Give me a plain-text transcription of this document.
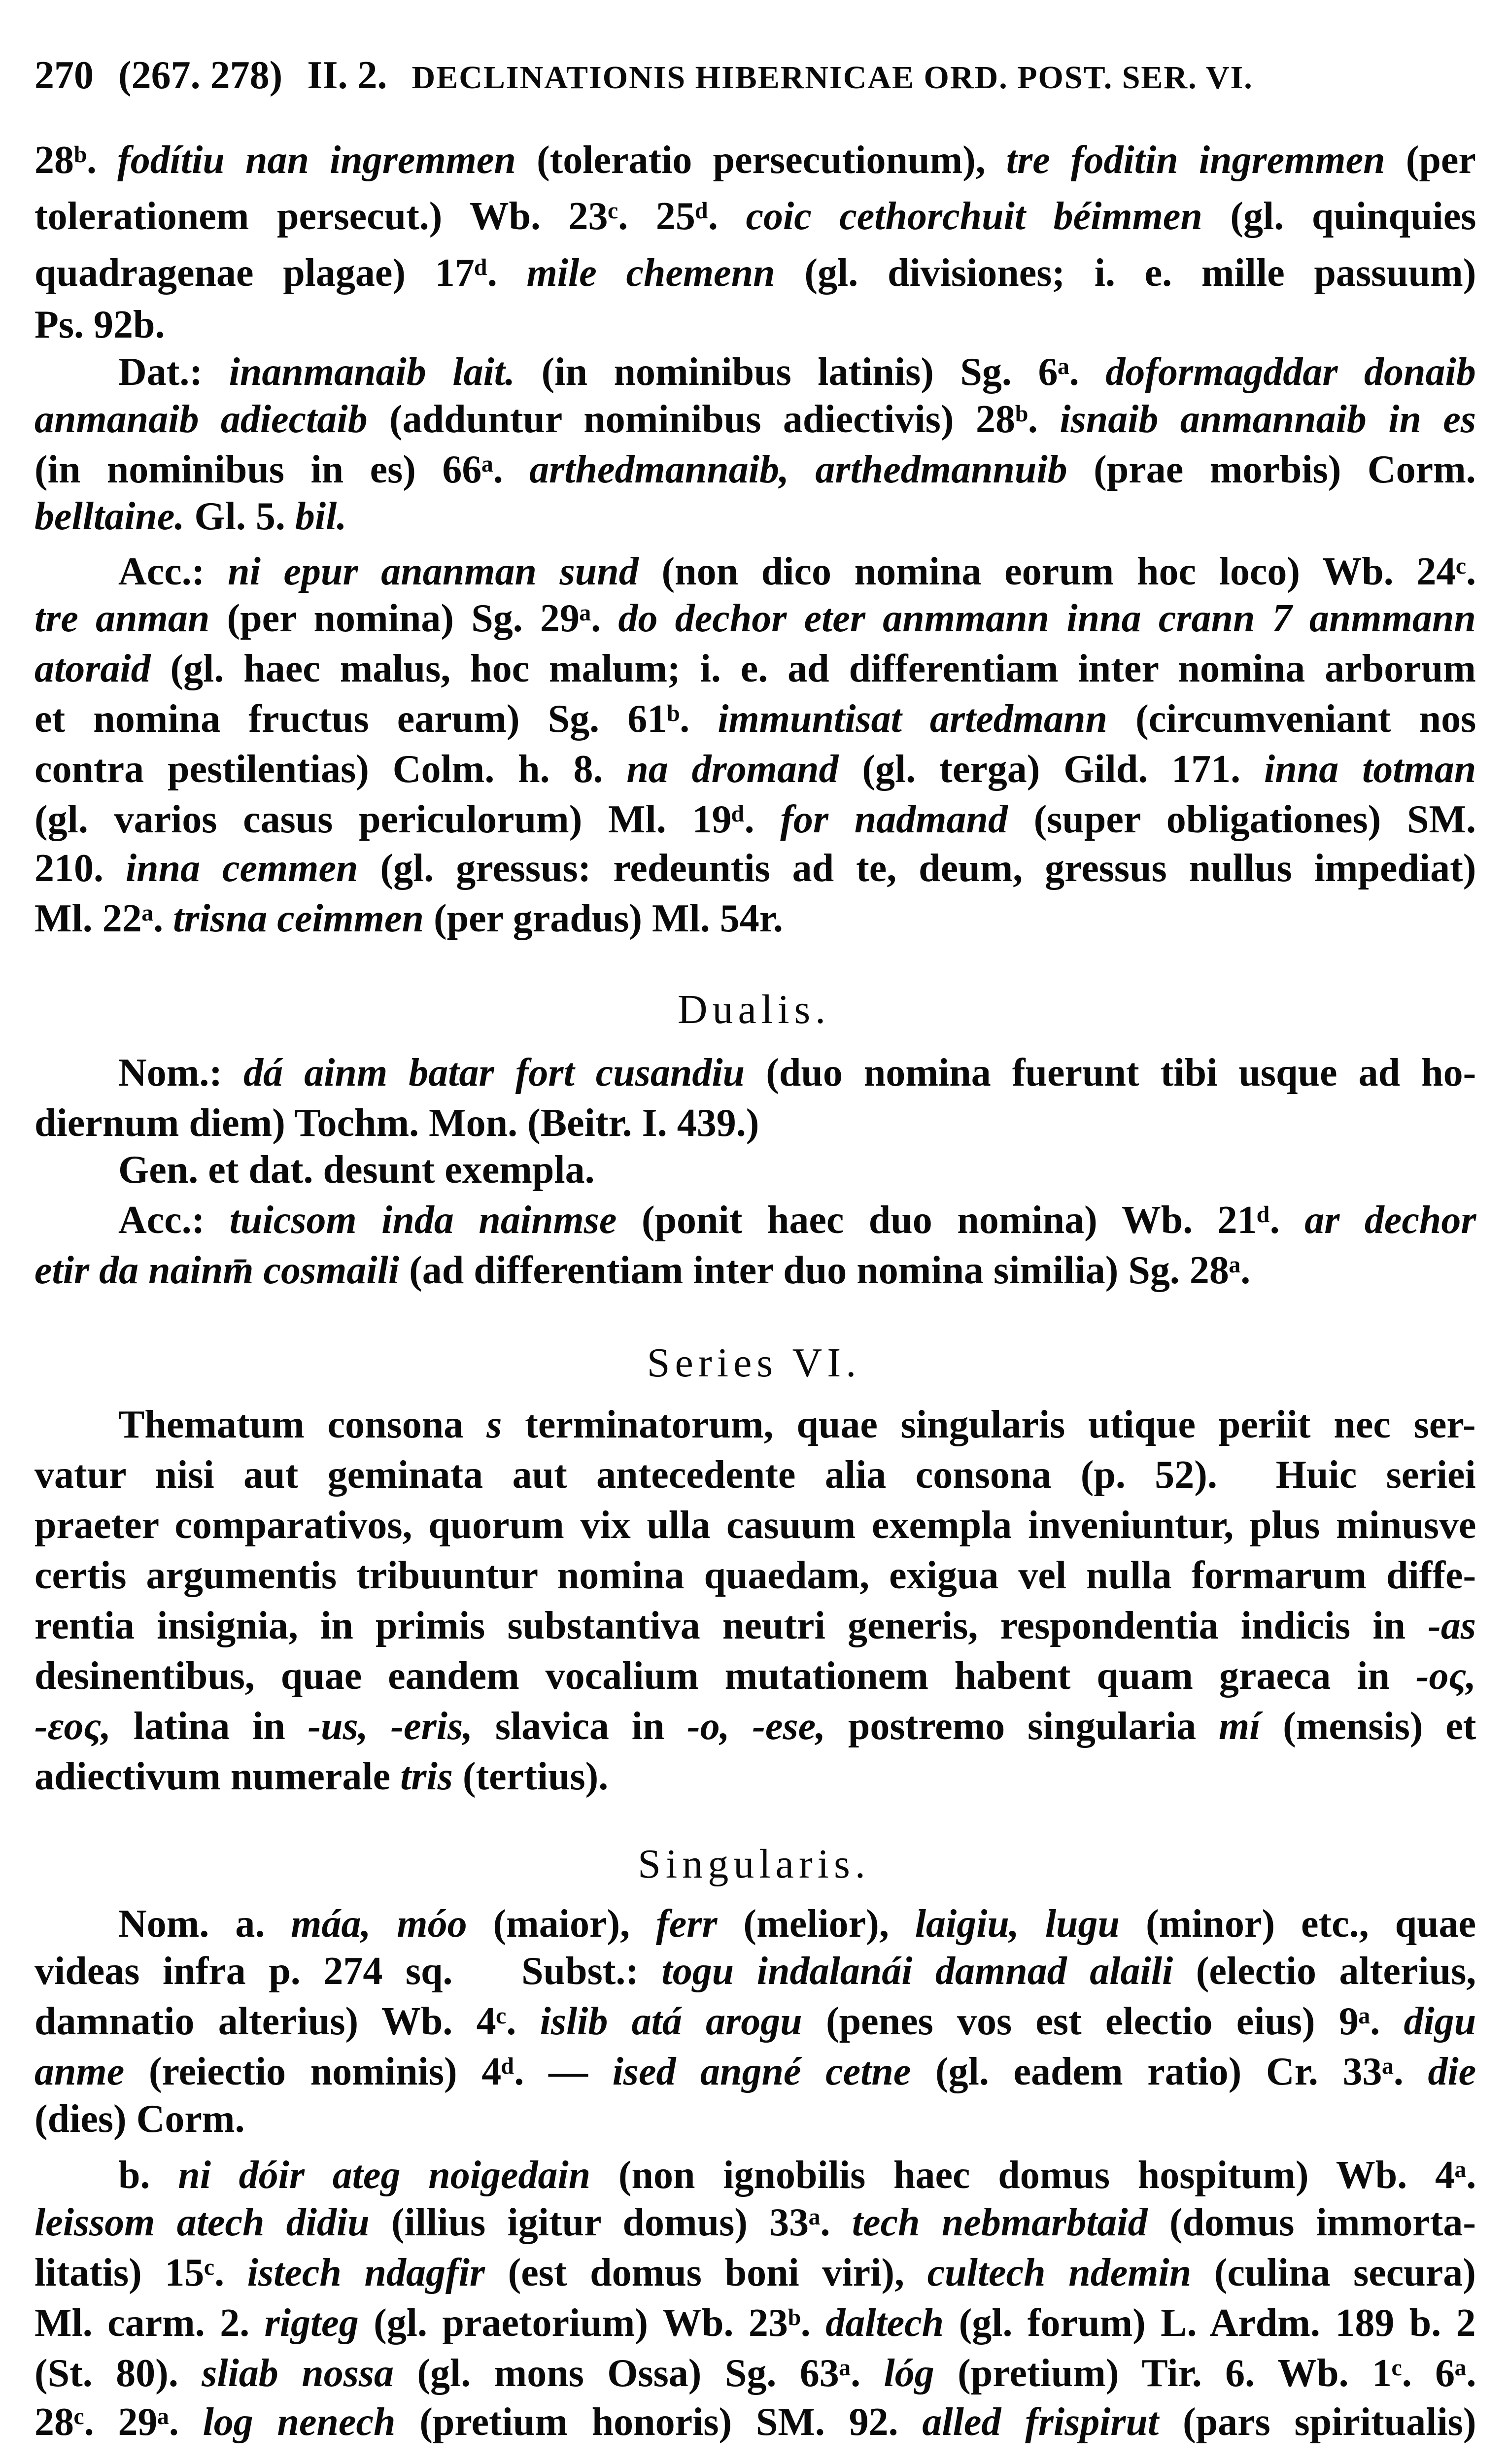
270 (267. 278) II. 2. DECLINATIONIS HIBERNICAE ORD. POST. SER. VI.
28ᵇ. fodítiu nan ingremmen (toleratio persecutionum), tre foditin ingremmen (per
tolerationem persecut.) Wb. 23ᶜ. 25ᵈ. coic cethorchuit béimmen (gl. quinquies
quadragenae plagae) 17ᵈ. mile chemenn (gl. divisiones; i. e. mille passuum)
Ps. 92b.
Dat.: inanmanaib lait. (in nominibus latinis) Sg. 6ᵃ. doformagddar donaib
anmanaib adiectaib (adduntur nominibus adiectivis) 28ᵇ. isnaib anmannaib in es
(in nominibus in es) 66ᵃ. arthedmannaib, arthedmannuib (prae morbis) Corm.
belltaine. Gl. 5. bil.
Acc.: ni epur ananman sund (non dico nomina eorum hoc loco) Wb. 24ᶜ.
tre anman (per nomina) Sg. 29ᵃ. do dechor eter anmmann inna crann 7 anmmann
atoraid (gl. haec malus, hoc malum; i. e. ad differentiam inter nomina arborum
et nomina fructus earum) Sg. 61ᵇ. immuntisat artedmann (circumveniant nos
contra pestilentias) Colm. h. 8. na dromand (gl. terga) Gild. 171. inna totman
(gl. varios casus periculorum) Ml. 19ᵈ. for nadmand (super obligationes) SM.
210. inna cemmen (gl. gressus: redeuntis ad te, deum, gressus nullus impediat)
Ml. 22ᵃ. trisna ceimmen (per gradus) Ml. 54r.
Dualis.
Nom.: dá ainm batar fort cusandiu (duo nomina fuerunt tibi usque ad ho-
diernum diem) Tochm. Mon. (Beitr. I. 439.)
Gen. et dat. desunt exempla.
Acc.: tuicsom inda nainmse (ponit haec duo nomina) Wb. 21ᵈ. ar dechor
etir da nainm̄ cosmaili (ad differentiam inter duo nomina similia) Sg. 28ᵃ.
Series VI.
Thematum consona s terminatorum, quae singularis utique periit nec ser-
vatur nisi aut geminata aut antecedente alia consona (p. 52).  Huic seriei
praeter comparativos, quorum vix ulla casuum exempla inveniuntur, plus minusve
certis argumentis tribuuntur nomina quaedam, exigua vel nulla formarum diffe-
rentia insignia, in primis substantiva neutri generis, respondentia indicis in -as
desinentibus, quae eandem vocalium mutationem habent quam graeca in -ος,
-εος, latina in -us, -eris, slavica in -o, -ese, postremo singularia mí (mensis) et
adiectivum numerale tris (tertius).
Singularis.
Nom. a. máa, móo (maior), ferr (melior), laigiu, lugu (minor) etc., quae
videas infra p. 274 sq.   Subst.: togu indalanái damnad alaili (electio alterius,
damnatio alterius) Wb. 4ᶜ. islib atá arogu (penes vos est electio eius) 9ᵃ. digu
anme (reiectio nominis) 4ᵈ. — ised angné cetne (gl. eadem ratio) Cr. 33ᵃ. die
(dies) Corm.
b. ni dóir ateg noigedain (non ignobilis haec domus hospitum) Wb. 4ᵃ.
leissom atech didiu (illius igitur domus) 33ᵃ. tech nebmarbtaid (domus immorta-
litatis) 15ᶜ. istech ndagfir (est domus boni viri), cultech ndemin (culina secura)
Ml. carm. 2. rigteg (gl. praetorium) Wb. 23ᵇ. daltech (gl. forum) L. Ardm. 189 b. 2
(St. 80). sliab nossa (gl. mons Ossa) Sg. 63ᵃ. lóg (pretium) Tir. 6. Wb. 1ᶜ. 6ᵃ.
28ᶜ. 29ᵃ. log nenech (pretium honoris) SM. 92. alled frispirut (pars spiritualis)
